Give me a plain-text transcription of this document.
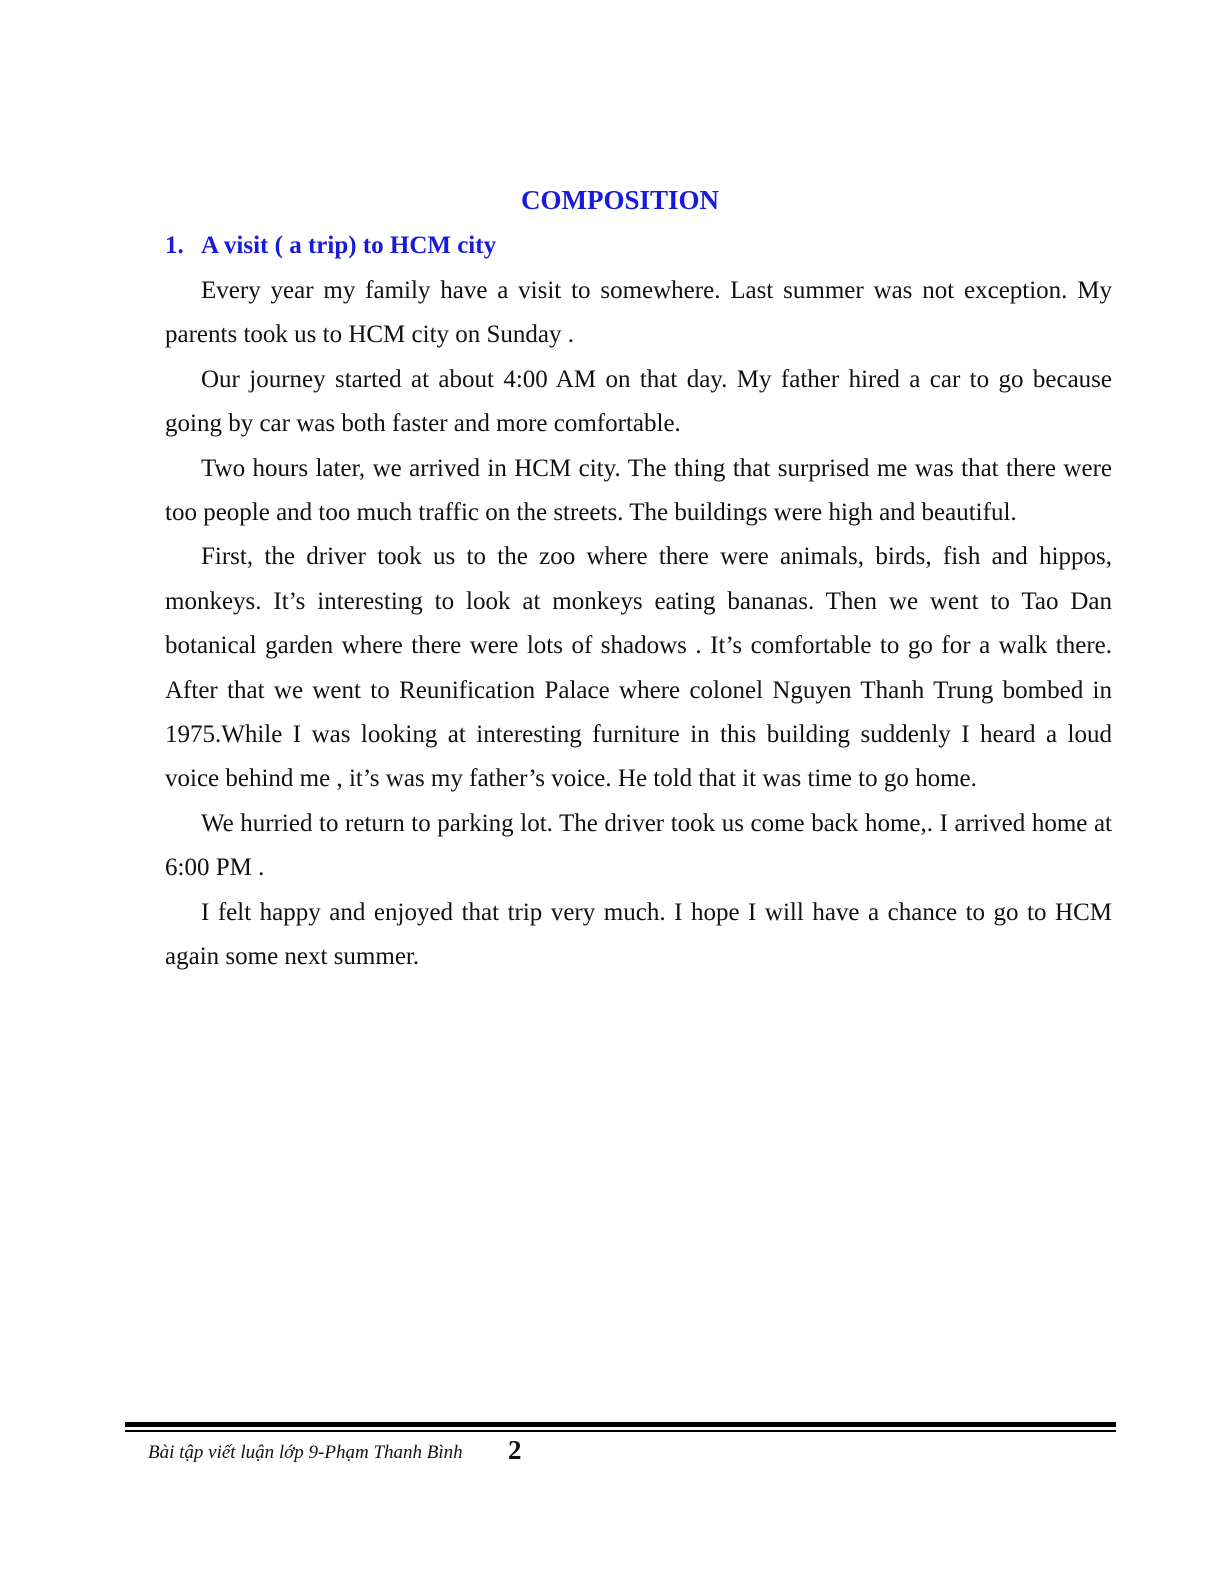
COMPOSITION
1. A visit ( a trip) to HCM city

Every year my family have a visit to somewhere. Last summer was not exception. My parents took us to HCM city on Sunday .

Our journey started at about 4:00 AM on that day. My father hired a car to go because going by car was both faster and more comfortable.

Two hours later, we arrived in HCM city. The thing that surprised me was that there were too people and too much traffic on the streets. The buildings were high and beautiful.

First, the driver took us to the zoo where there were animals, birds, fish and hippos, monkeys. It’s interesting to look at monkeys eating bananas. Then we went to Tao Dan botanical garden where there were lots of shadows . It’s comfortable to go for a walk there. After that we went to Reunification Palace where colonel Nguyen Thanh Trung bombed in 1975.While I was looking at interesting furniture in this building suddenly I heard a loud voice behind me , it’s was my father’s voice. He told that it was time to go home.

We hurried to return to parking lot. The driver took us come back home,. I arrived home at 6:00 PM .

I felt happy and enjoyed that trip very much. I hope I will have a chance to go to HCM again some next summer.

Bài tập viết luận lớp 9-Phạm Thanh Bình 2
